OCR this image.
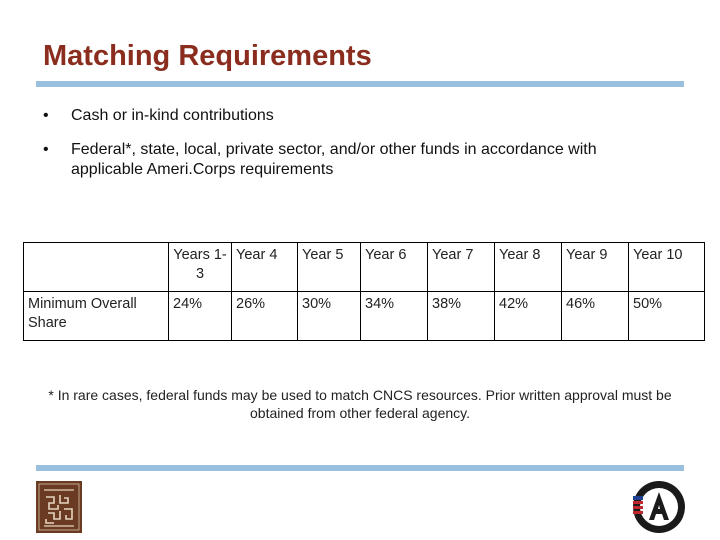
Matching Requirements
•	Cash or in-kind contributions
•	Federal*, state, local, private sector, and/or other funds in accordance with applicable Ameri.Corps requirements
	Years 1-3	Year 4	Year 5	Year 6	Year 7	Year 8	Year 9	Year 10
Minimum Overall Share	24%	26%	30%	34%	38%	42%	46%	50%
* In rare cases, federal funds may be used to match CNCS resources. Prior written approval must be obtained from other federal agency.
